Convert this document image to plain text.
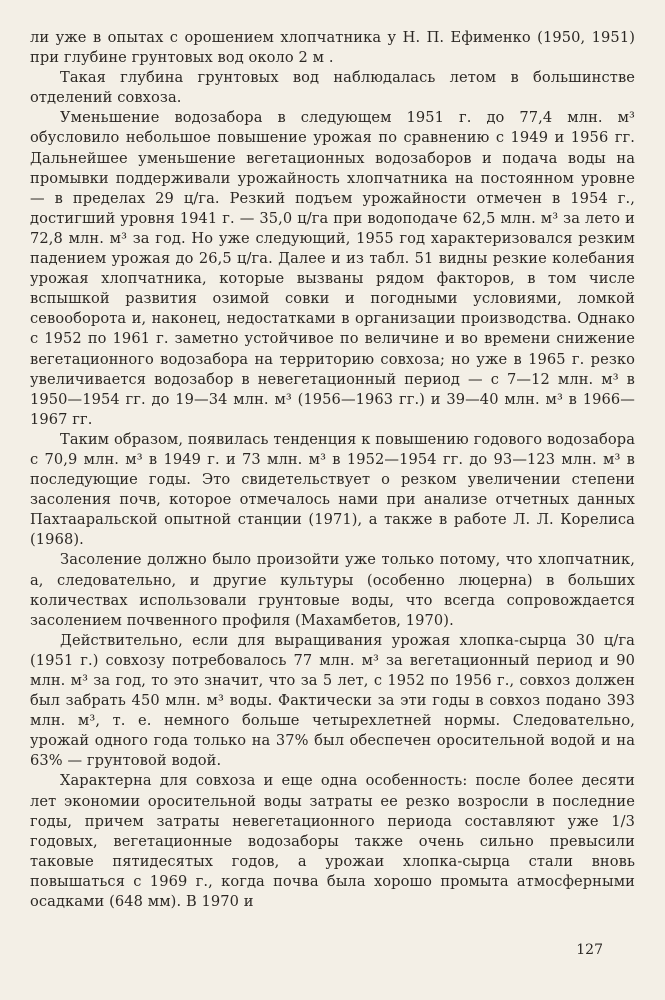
ли уже в опытах с орошением хлопчатника у Н. П. Ефименко (1950, 1951) при глубине грунтовых вод около 2 м .

Такая глубина грунтовых вод наблюдалась летом в большинстве отделений совхоза.

Уменьшение водозабора в следующем 1951 г. до 77,4 млн. м³ обусловило небольшое повышение урожая по сравнению с 1949 и 1956 гг. Дальнейшее уменьшение вегетационных водозаборов и подача воды на промывки поддерживали урожайность хлопчатника на постоянном уровне — в пределах 29 ц/га. Резкий подъем урожайности отмечен в 1954 г., достигший уровня 1941 г. — 35,0 ц/га при водоподаче 62,5 млн. м³ за лето и 72,8 млн. м³ за год. Но уже следующий, 1955 год характеризовался резким падением урожая до 26,5 ц/га. Далее и из табл. 51 видны резкие колебания урожая хлопчатника, которые вызваны рядом факторов, в том числе вспышкой развития озимой совки и погодными условиями, ломкой севооборота и, наконец, недостатками в организации производства. Однако с 1952 по 1961 г. заметно устойчивое по величине и во времени снижение вегетационного водозабора на территорию совхоза; но уже в 1965 г. резко увеличивается водозабор в невегетационный период — с 7—12 млн. м³ в 1950—1954 гг. до 19—34 млн. м³ (1956—1963 гг.) и 39—40 млн. м³ в 1966—1967 гг.

Таким образом, появилась тенденция к повышению годового водозабора с 70,9 млн. м³ в 1949 г. и 73 млн. м³ в 1952—1954 гг. до 93—123 млн. м³ в последующие годы. Это свидетельствует о резком увеличении степени засоления почв, которое отмечалось нами при анализе отчетных данных Пахтааральской опытной станции (1971), а также в работе Л. Л. Корелиса (1968).

Засоление должно было произойти уже только потому, что хлопчатник, а, следовательно, и другие культуры (особенно люцерна) в больших количествах использовали грунтовые воды, что всегда сопровождается засолением почвенного профиля (Махамбетов, 1970).

Действительно, если для выращивания урожая хлопка-сырца 30 ц/га (1951 г.) совхозу потребовалось 77 млн. м³ за вегетационный период и 90 млн. м³ за год, то это значит, что за 5 лет, с 1952 по 1956 г., совхоз должен был забрать 450 млн. м³ воды. Фактически за эти годы в совхоз подано 393 млн. м³, т. е. немного больше четырехлетней нормы. Следовательно, урожай одного года только на 37% был обеспечен оросительной водой и на 63% — грунтовой водой.

Характерна для совхоза и еще одна особенность: после более десяти лет экономии оросительной воды затраты ее резко возросли в последние годы, причем затраты невегетационного периода составляют уже 1/3 годовых, вегетационные водозаборы также очень сильно превысили таковые пятидесятых годов, а урожаи хлопка-сырца стали вновь повышаться с 1969 г., когда почва была хорошо промыта атмосферными осадками (648 мм). В 1970 и

127
